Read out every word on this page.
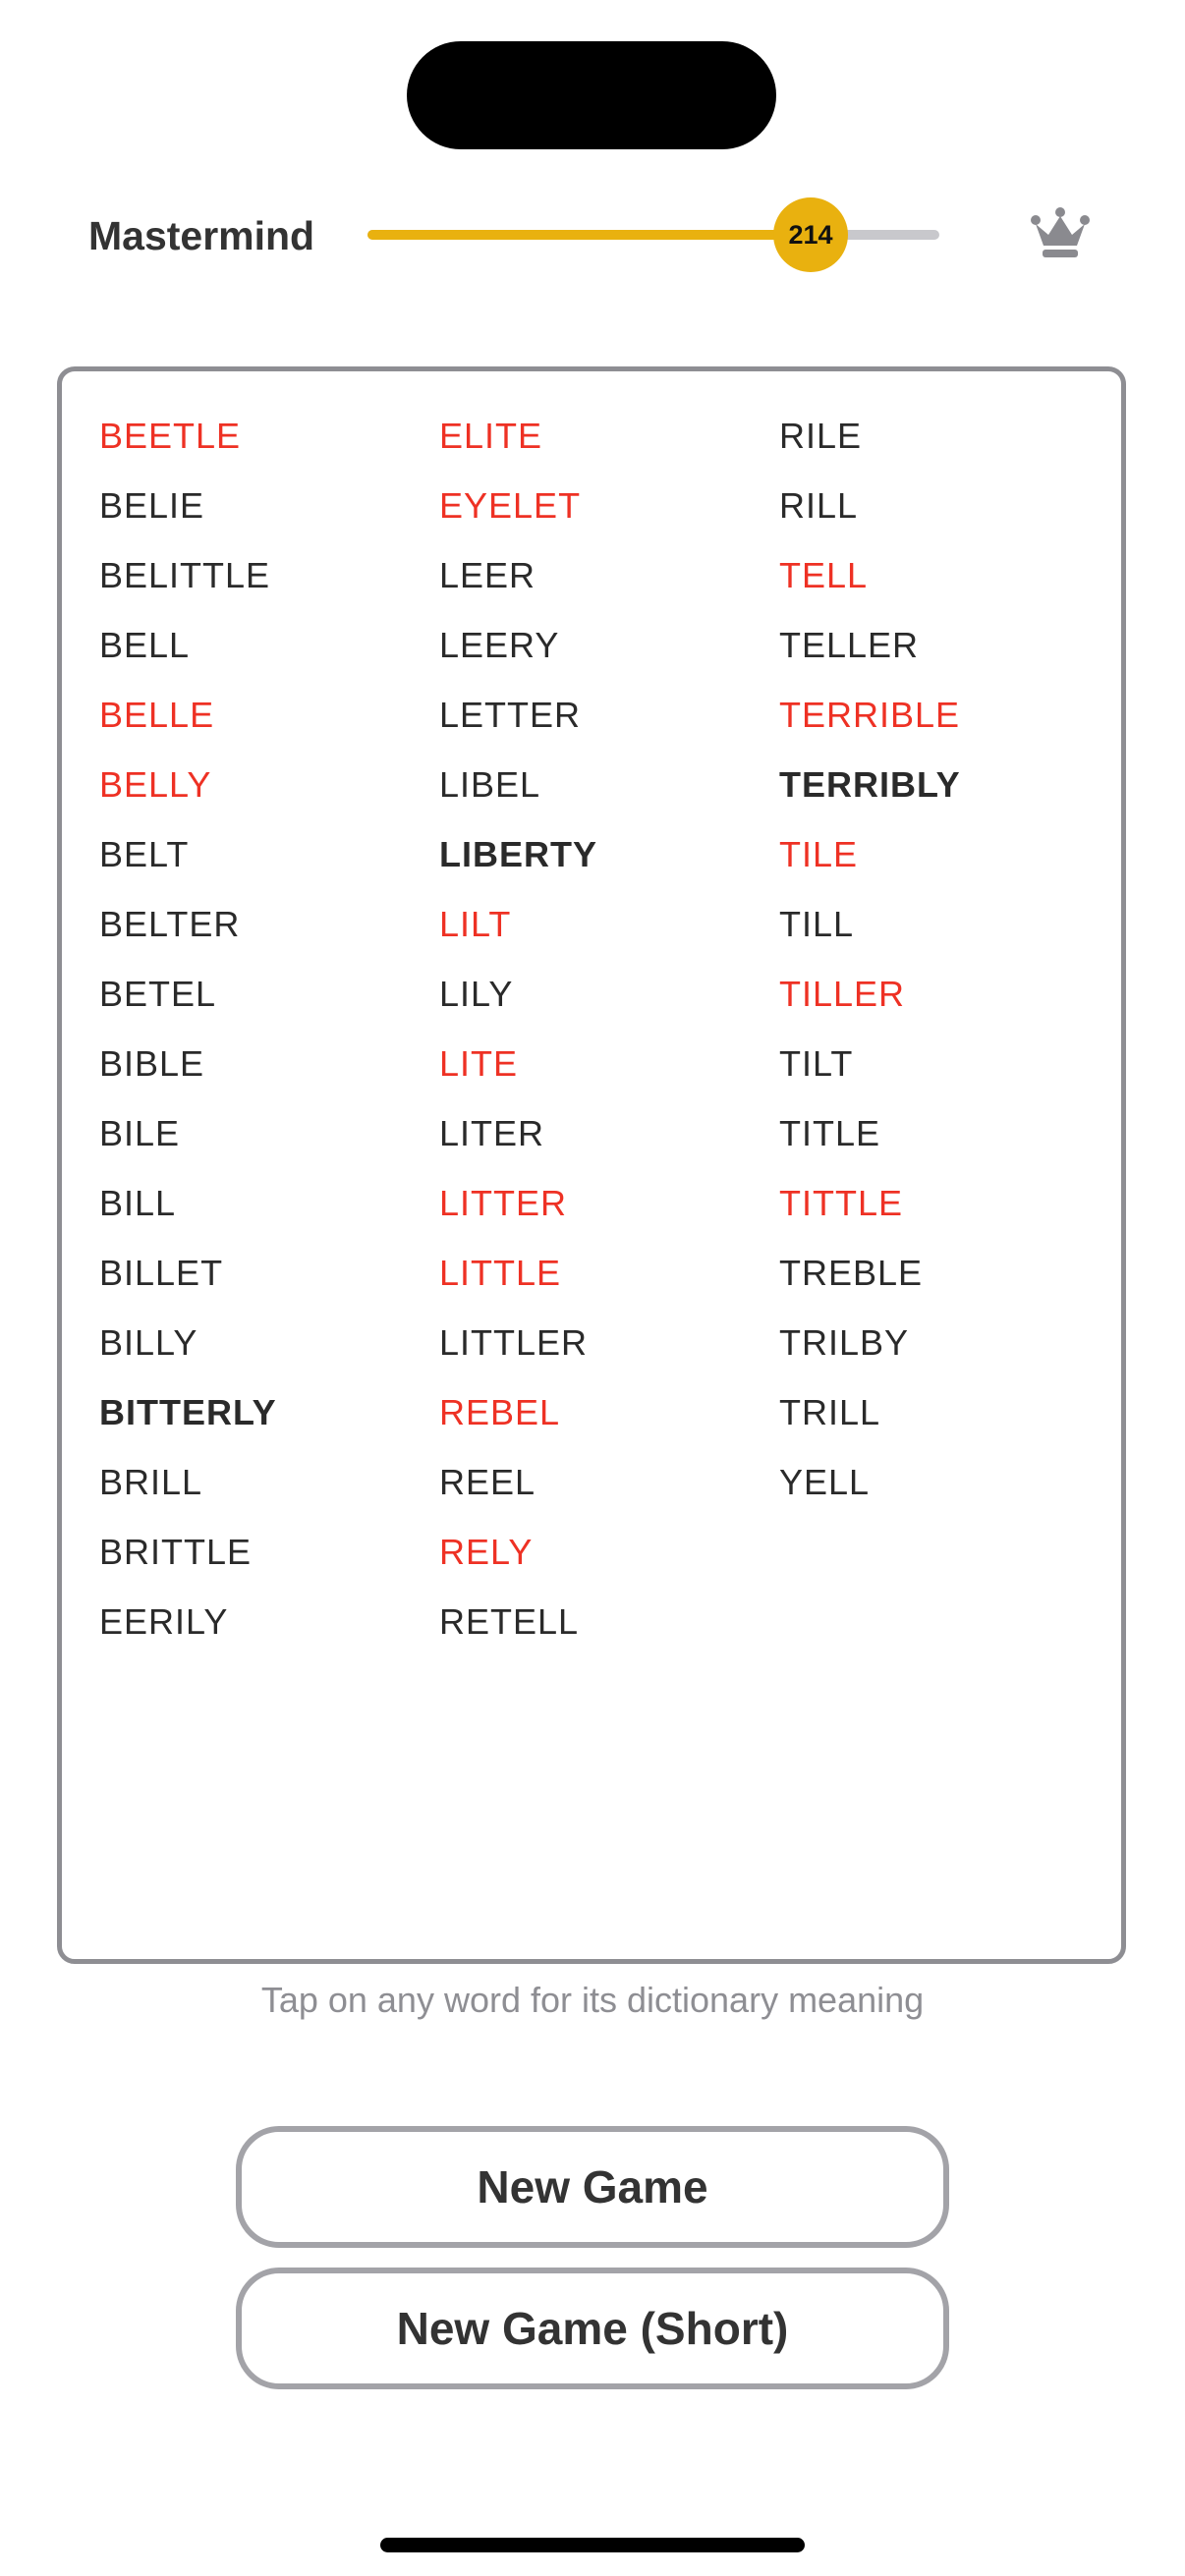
Mastermind	214
BEETLE
BELIE
BELITTLE
BELL
BELLE
BELLY
BELT
BELTER
BETEL
BIBLE
BILE
BILL
BILLET
BILLY
BITTERLY
BRILL
BRITTLE
EERILY
ELITE
EYELET
LEER
LEERY
LETTER
LIBEL
LIBERTY
LILT
LILY
LITE
LITER
LITTER
LITTLE
LITTLER
REBEL
REEL
RELY
RETELL
RILE
RILL
TELL
TELLER
TERRIBLE
TERRIBLY
TILE
TILL
TILLER
TILT
TITLE
TITTLE
TREBLE
TRILBY
TRILL
YELL
Tap on any word for its dictionary meaning
New Game
New Game (Short)
